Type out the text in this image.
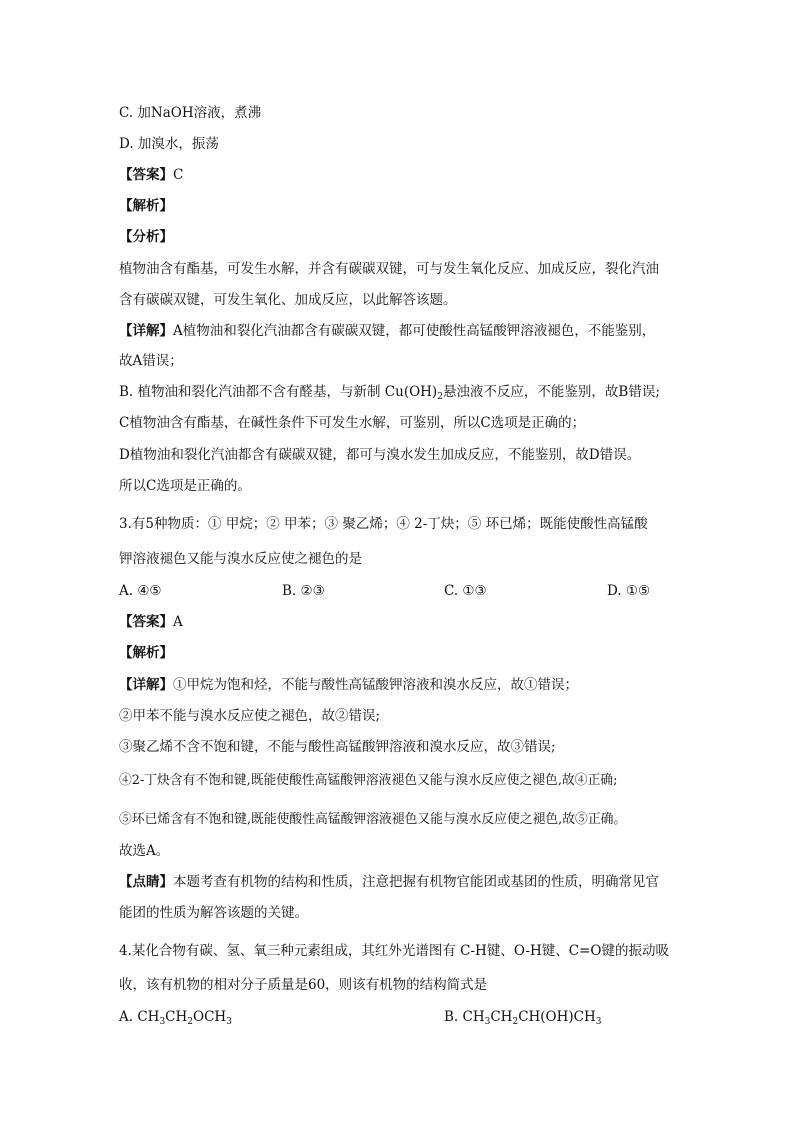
C. 加NaOH溶液，煮沸
D. 加溴水，振荡
【答案】C
【解析】
【分析】
植物油含有酯基，可发生水解，并含有碳碳双键，可与发生氧化反应、加成反应，裂化汽油
含有碳碳双键，可发生氧化、加成反应，以此解答该题。
【详解】A植物油和裂化汽油都含有碳碳双键，都可使酸性高锰酸钾溶液褪色，不能鉴别，
故A错误；
B. 植物油和裂化汽油都不含有醛基，与新制 $Cu(OH)_2$悬浊液不反应，不能鉴别，故B错误;
C植物油含有酯基，在碱性条件下可发生水解，可鉴别，所以C选项是正确的；
D植物油和裂化汽油都含有碳碳双键，都可与溴水发生加成反应，不能鉴别，故D错误。
所以C选项是正确的。
3.有5种物质：① 甲烷；② 甲苯；③ 聚乙烯；④ 2-丁炔；⑤ 环已烯；既能使酸性高锰酸
钾溶液褪色又能与溴水反应使之褪色的是
A. ④⑤	B. ②③	C. ①③	D. ①⑤
【答案】A
【解析】
【详解】①甲烷为饱和烃，不能与酸性高锰酸钾溶液和溴水反应，故①错误；
②甲苯不能与溴水反应使之褪色，故②错误;
③聚乙烯不含不饱和键，不能与酸性高锰酸钾溶液和溴水反应，故③错误;
④2-丁炔含有不饱和键,既能使酸性高锰酸钾溶液褪色又能与溴水反应使之褪色,故④正确;
⑤环已烯含有不饱和键,既能使酸性高锰酸钾溶液褪色又能与溴水反应使之褪色,故⑤正确。
故选A。
【点睛】本题考查有机物的结构和性质，注意把握有机物官能团或基团的性质，明确常见官
能团的性质为解答该题的关键。
4.某化合物有碳、氢、氧三种元素组成，其红外光谱图有 C-H键、O-H键、C=O键的振动吸
收，该有机物的相对分子质量是60，则该有机物的结构简式是
A. $CH_3CH_2OCH_3$	B. $CH_3CH_2CH(OH)CH_3$
